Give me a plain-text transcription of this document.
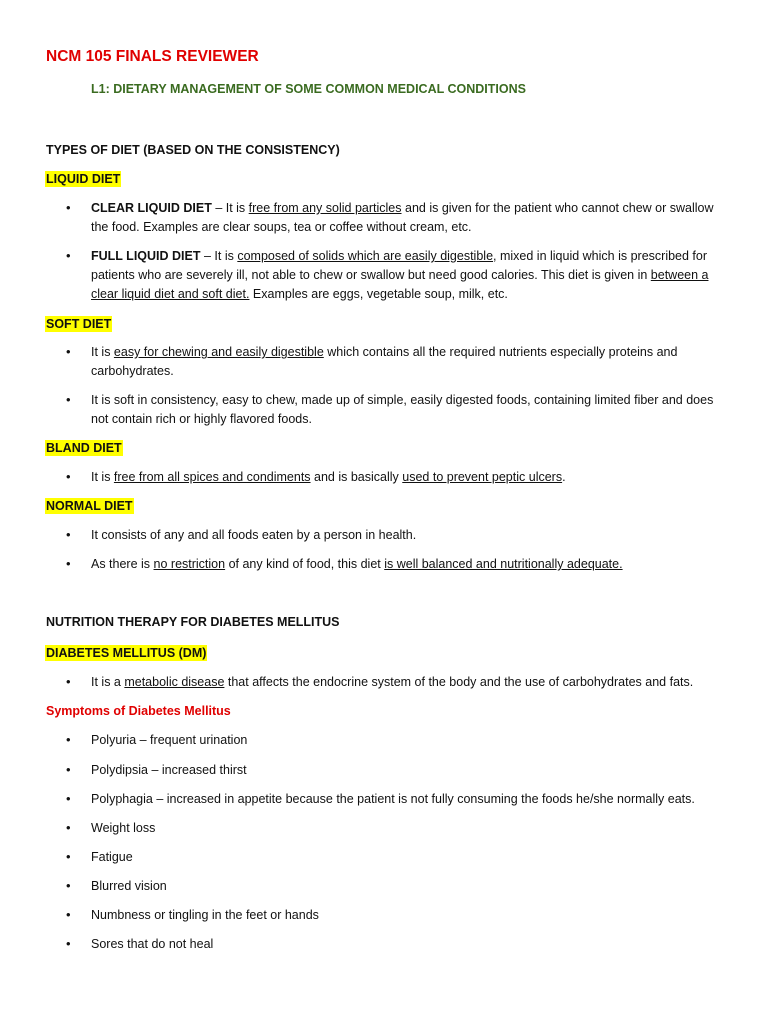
NCM 105 FINALS REVIEWER
L1: DIETARY MANAGEMENT OF SOME COMMON MEDICAL CONDITIONS
TYPES OF DIET (BASED ON THE CONSISTENCY)
LIQUID DIET
• CLEAR LIQUID DIET – It is free from any solid particles and is given for the patient who cannot chew or swallow
the food. Examples are clear soups, tea or coffee without cream, etc.
• FULL LIQUID DIET – It is composed of solids which are easily digestible, mixed in liquid which is prescribed for
patients who are severely ill, not able to chew or swallow but need good calories. This diet is given in between a
clear liquid diet and soft diet. Examples are eggs, vegetable soup, milk, etc.
SOFT DIET
• It is easy for chewing and easily digestible which contains all the required nutrients especially proteins and
carbohydrates.
• It is soft in consistency, easy to chew, made up of simple, easily digested foods, containing limited fiber and does
not contain rich or highly flavored foods.
BLAND DIET
• It is free from all spices and condiments and is basically used to prevent peptic ulcers.
NORMAL DIET
• It consists of any and all foods eaten by a person in health.
• As there is no restriction of any kind of food, this diet is well balanced and nutritionally adequate.
NUTRITION THERAPY FOR DIABETES MELLITUS
DIABETES MELLITUS (DM)
• It is a metabolic disease that affects the endocrine system of the body and the use of carbohydrates and fats.
Symptoms of Diabetes Mellitus
• Polyuria – frequent urination
• Polydipsia – increased thirst
• Polyphagia – increased in appetite because the patient is not fully consuming the foods he/she normally eats.
• Weight loss
• Fatigue
• Blurred vision
• Numbness or tingling in the feet or hands
• Sores that do not heal
